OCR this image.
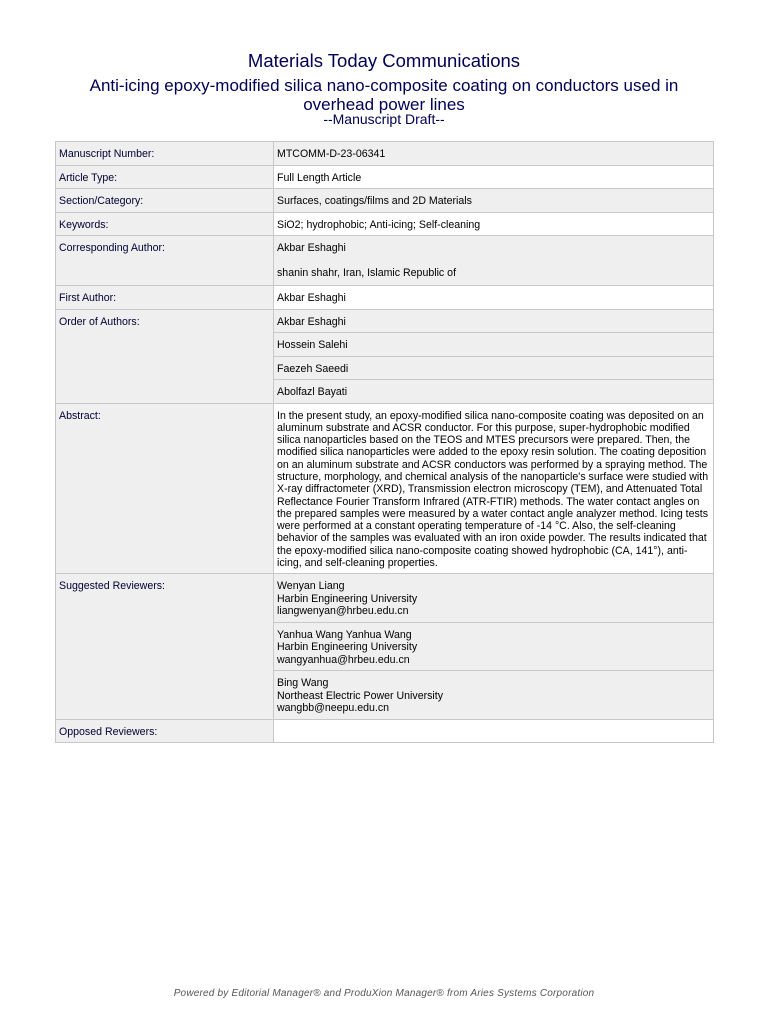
Materials Today Communications
Anti-icing epoxy-modified silica nano-composite coating on conductors used in overhead power lines
--Manuscript Draft--
Manuscript Number:	MTCOMM-D-23-06341
Article Type:	Full Length Article
Section/Category:	Surfaces, coatings/films and 2D Materials
Keywords:	SiO2; hydrophobic; Anti-icing; Self-cleaning
Corresponding Author:	Akbar Eshaghi
shanin shahr, Iran, Islamic Republic of

First Author:	Akbar Eshaghi
Order of Authors:	Akbar Eshaghi
	Hossein Salehi
	Faezeh Saeedi
	Abolfazl Bayati
Abstract:	In the present study, an epoxy-modified silica nano-composite coating was deposited on an aluminum substrate and ACSR conductor. For this purpose, super-hydrophobic modified silica nanoparticles based on the TEOS and MTES precursors were prepared. Then, the modified silica nanoparticles were added to the epoxy resin solution. The coating deposition on an aluminum substrate and ACSR conductors was performed by a spraying method. The structure, morphology, and chemical analysis of the nanoparticle's surface were studied with X-ray diffractometer (XRD), Transmission electron microscopy (TEM), and Attenuated Total Reflectance Fourier Transform Infrared (ATR-FTIR) methods. The water contact angles on the prepared samples were measured by a water contact angle analyzer method. Icing tests were performed at a constant operating temperature of -14 °C. Also, the self-cleaning behavior of the samples was evaluated with an iron oxide powder. The results indicated that the epoxy-modified silica nano-composite coating showed hydrophobic (CA, 141°), anti-icing, and self-cleaning properties.
Suggested Reviewers:	Wenyan Liang
Harbin Engineering University
liangwenyan@hrbeu.edu.cn

	Yanhua Wang Yanhua Wang
Harbin Engineering University
wangyanhua@hrbeu.edu.cn

	Bing Wang
Northeast Electric Power University
wangbb@neepu.edu.cn

Opposed Reviewers:	
Powered by Editorial Manager® and ProduXion Manager® from Aries Systems Corporation
